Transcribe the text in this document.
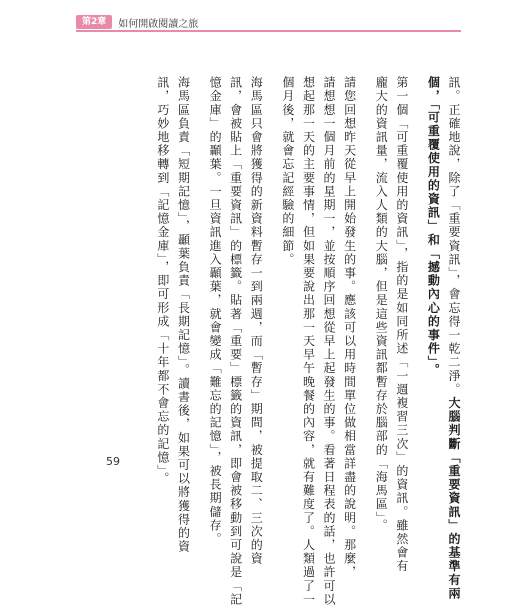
第2章	如何開啟閱讀之旅
訊。正確地說，除了「重要資訊」，會忘得一乾二淨。大腦判斷「重要資訊」的基準有兩
個，「可重覆使用的資訊」和「撼動內心的事件」。
第一個「可重覆使用的資訊」，指的是如同所述「一週複習三次」的資訊。雖然會有
龐大的資訊量，流入人類的大腦，但是這些資訊都暫存於腦部的「海馬區」。
請您回想昨天從早上開始發生的事。應該可以用時間單位做相當詳盡的說明。那麼，
請想想一個月前的星期一，並按順序回想從早上起發生的事。看著日程表的話，也許可以
想起那一天的主要事情，但如果要說出那一天早午晚餐的內容，就有難度了。人類過了一
個月後，就會忘記經驗的細節。
海馬區只會將獲得的新資料暫存一到兩週，而「暫存」期間，被提取二、三次的資
訊，會被貼上「重要資訊」的標籤。貼著「重要」標籤的資訊，即會被移動到可說是「記
憶金庫」的顳葉。一旦資訊進入顳葉，就會變成「難忘的記憶」，被長期儲存。
海馬區負責「短期記憶」，顳葉負責「長期記憶」。讀書後，如果可以將獲得的資
訊，巧妙地移轉到「記憶金庫」，即可形成「十年都不會忘的記憶」。
59
